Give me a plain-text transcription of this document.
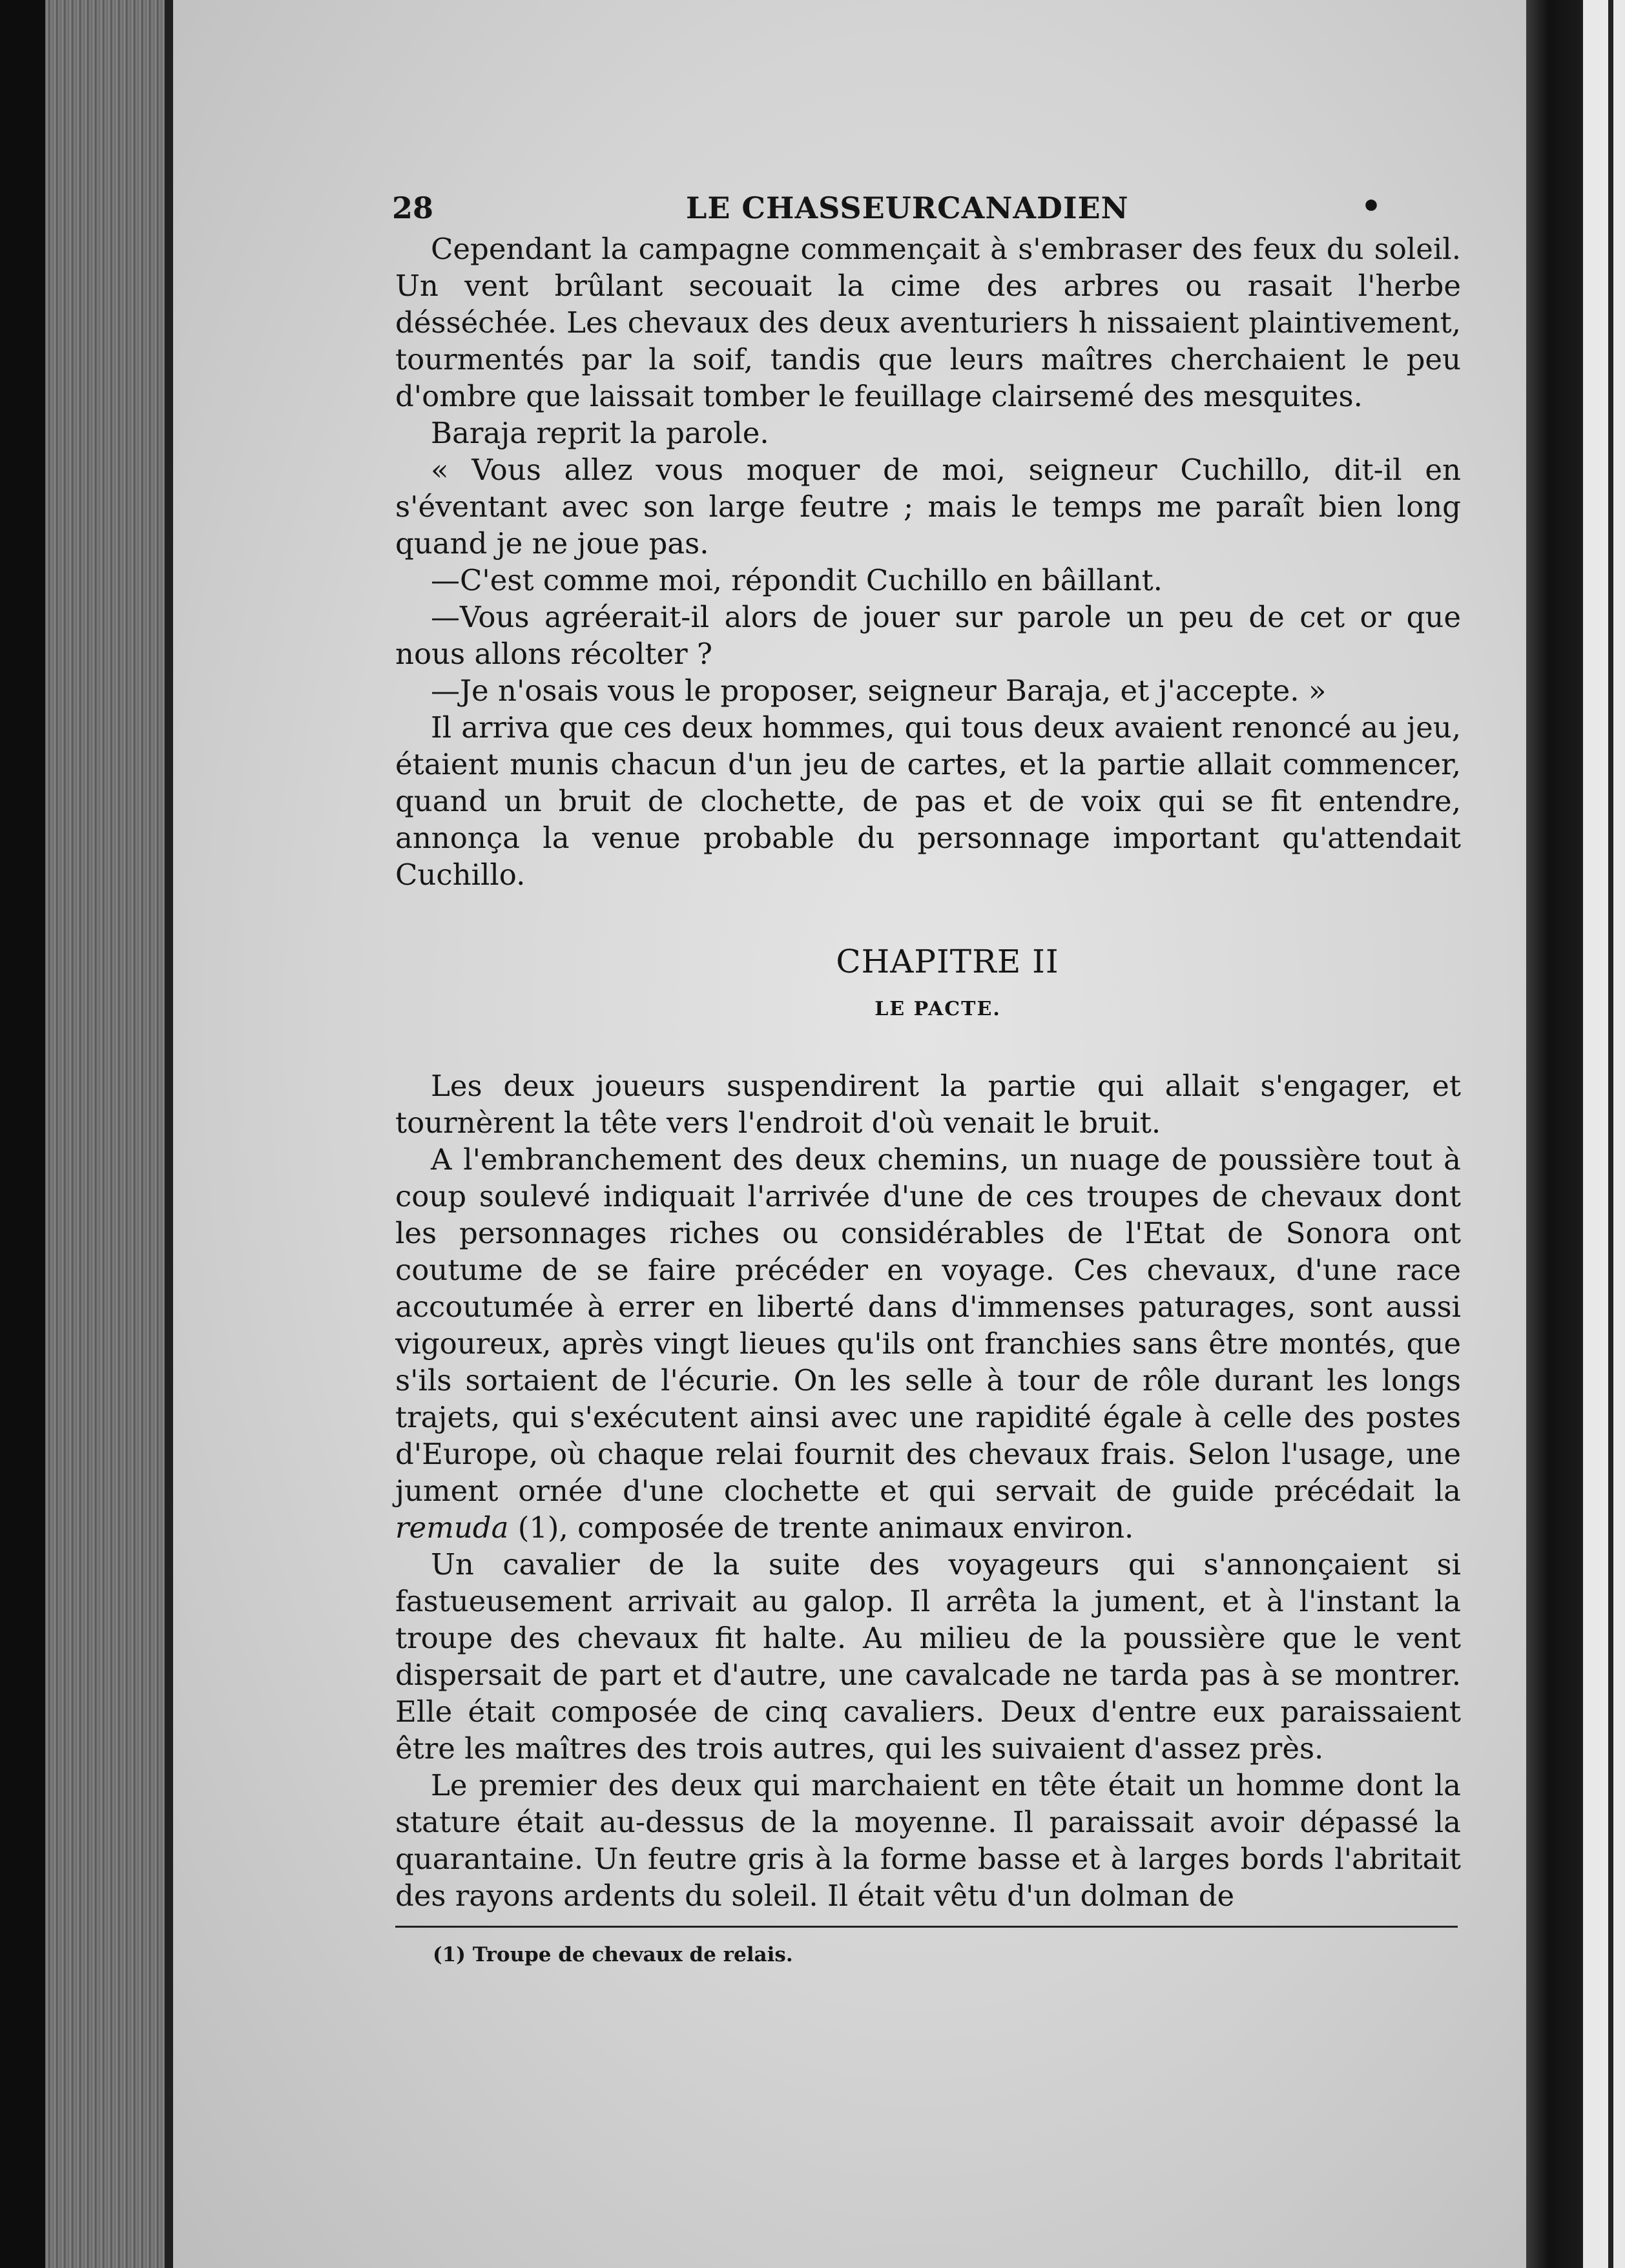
28	LE CHASSEURCANADIEN	•

Cependant la campagne commençait à s'embraser des feux du soleil. Un vent brûlant secouait la cime des arbres ou rasait l'herbe désséchée. Les chevaux des deux aventuriers h nissaient plaintivement, tourmentés par la soif, tandis que leurs maîtres cherchaient le peu d'ombre que laissait tomber le feuillage clairsemé des mesquites.

Baraja reprit la parole.

« Vous allez vous moquer de moi, seigneur Cuchillo, dit-il en s'éventant avec son large feutre ; mais le temps me paraît bien long quand je ne joue pas.

—C'est comme moi, répondit Cuchillo en bâillant.

—Vous agréerait-il alors de jouer sur parole un peu de cet or que nous allons récolter ?

—Je n'osais vous le proposer, seigneur Baraja, et j'accepte. »

Il arriva que ces deux hommes, qui tous deux avaient renoncé au jeu, étaient munis chacun d'un jeu de cartes, et la partie allait commencer, quand un bruit de clochette, de pas et de voix qui se fit entendre, annonça la venue probable du personnage important qu'attendait Cuchillo.

CHAPITRE II

LE PACTE.

Les deux joueurs suspendirent la partie qui allait s'engager, et tournèrent la tête vers l'endroit d'où venait le bruit.

A l'embranchement des deux chemins, un nuage de poussière tout à coup soulevé indiquait l'arrivée d'une de ces troupes de chevaux dont les personnages riches ou considérables de l'Etat de Sonora ont coutume de se faire précéder en voyage. Ces chevaux, d'une race accoutumée à errer en liberté dans d'immenses paturages, sont aussi vigoureux, après vingt lieues qu'ils ont franchies sans être montés, que s'ils sortaient de l'écurie. On les selle à tour de rôle durant les longs trajets, qui s'exécutent ainsi avec une rapidité égale à celle des postes d'Europe, où chaque relai fournit des chevaux frais. Selon l'usage, une jument ornée d'une clochette et qui servait de guide précédait la remuda (1), composée de trente animaux environ.

Un cavalier de la suite des voyageurs qui s'annonçaient si fastueusement arrivait au galop. Il arrêta la jument, et à l'instant la troupe des chevaux fit halte. Au milieu de la poussière que le vent dispersait de part et d'autre, une cavalcade ne tarda pas à se montrer. Elle était composée de cinq cavaliers. Deux d'entre eux paraissaient être les maîtres des trois autres, qui les suivaient d'assez près.

Le premier des deux qui marchaient en tête était un homme dont la stature était au-dessus de la moyenne. Il paraissait avoir dépassé la quarantaine. Un feutre gris à la forme basse et à larges bords l'abritait des rayons ardents du soleil. Il était vêtu d'un dolman de

(1) Troupe de chevaux de relais.
